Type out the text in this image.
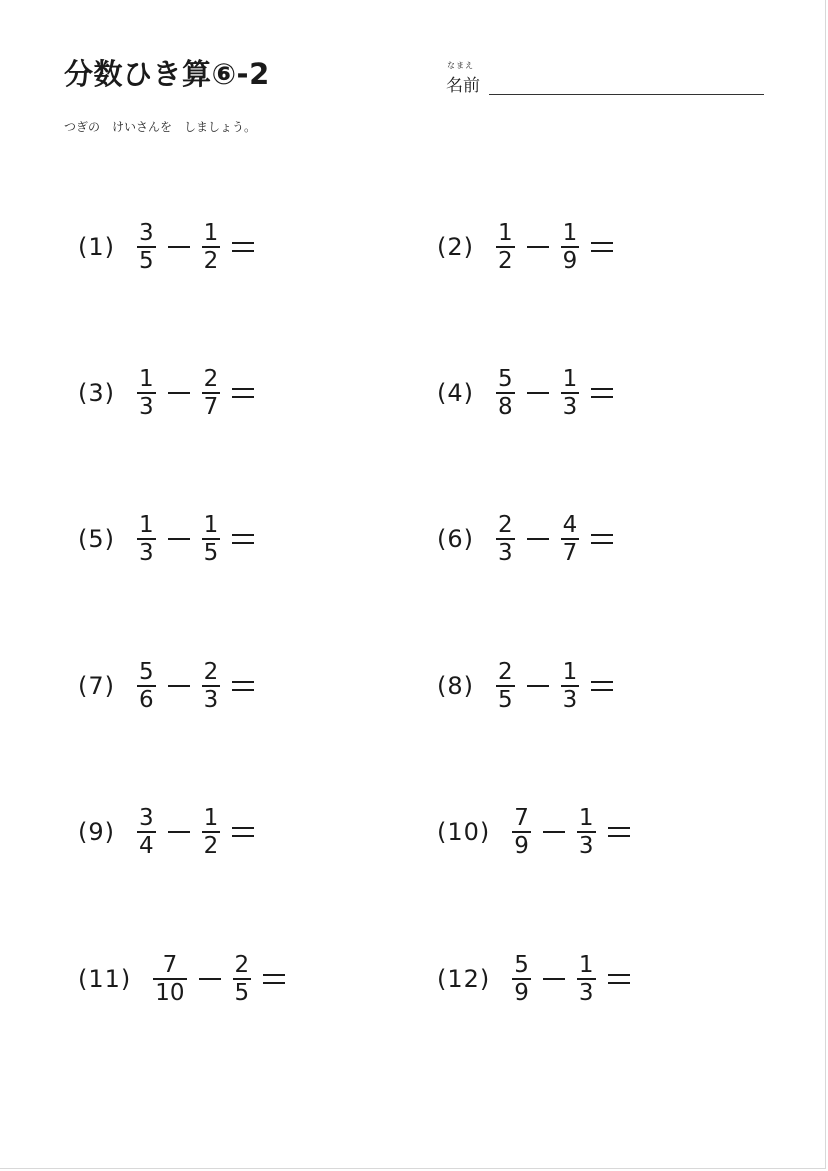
分数ひき算⑥-2	なまえ
名前
つぎの　けいさんを　しましょう。
$(1) \frac{3}{5} \frac{1}{2}$	$(2) \frac{1}{2} \frac{1}{9}$
$(3) \frac{1}{3} \frac{2}{7}$	$(4) \frac{5}{8} \frac{1}{3}$
$(5) \frac{1}{3} \frac{1}{5}$	$(6) \frac{2}{3} \frac{4}{7}$
$(7) \frac{5}{6} \frac{2}{3}$	$(8) \frac{2}{5} \frac{1}{3}$
$(9) \frac{3}{4} \frac{1}{2}$	$(10) \frac{7}{9} \frac{1}{3}$
$(11) \frac{7}{10} \frac{2}{5}$	$(12) \frac{5}{9} \frac{1}{3}$
